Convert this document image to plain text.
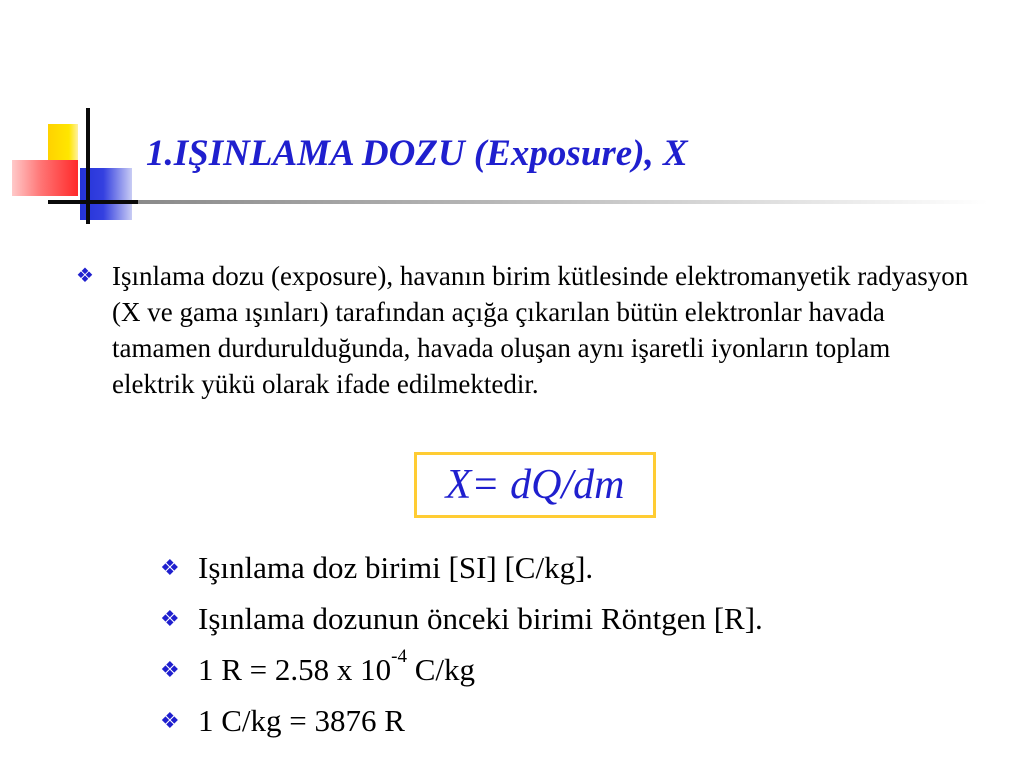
1.IŞINLAMA DOZU (Exposure), X
❖ Işınlama dozu (exposure), havanın birim kütlesinde elektromanyetik radyasyon (X ve gama ışınları) tarafından açığa çıkarılan bütün elektronlar havada tamamen durdurulduğunda, havada oluşan aynı işaretli iyonların toplam elektrik yükü olarak ifade edilmektedir.
X= dQ/dm
❖ Işınlama doz birimi [SI] [C/kg].
❖ Işınlama dozunun önceki birimi Röntgen [R].
❖ 1 R = 2.58 x $10^{-4}$ C/kg
❖ 1 C/kg = 3876 R
